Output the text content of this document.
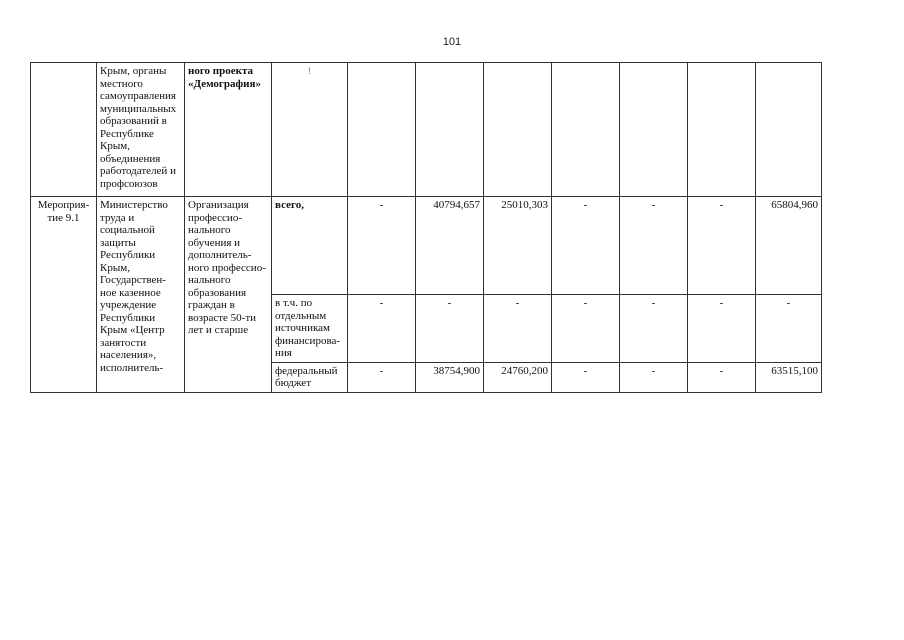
101
	Крым, органы местного самоуправления муниципальных образований в Республике Крым, объединения работодателей и профсоюзов	ного проекта «Демография»	!							
Мероприя-тие 9.1	Министерство труда и социальной защиты Республики Крым, Государствен-ное казенное учреждение Республики Крым «Центр занятости населения», исполнитель-	Организация профессио-нального обучения и дополнитель-ного профессио-нального образования граждан в возрасте 50-ти лет и старше	всего,	-	40794,657	25010,303	-	-	-	65804,960
			в т.ч. по отдельным источникам финансирова-ния	-	-	-	-	-	-	-
			федеральный бюджет	-	38754,900	24760,200	-	-	-	63515,100
